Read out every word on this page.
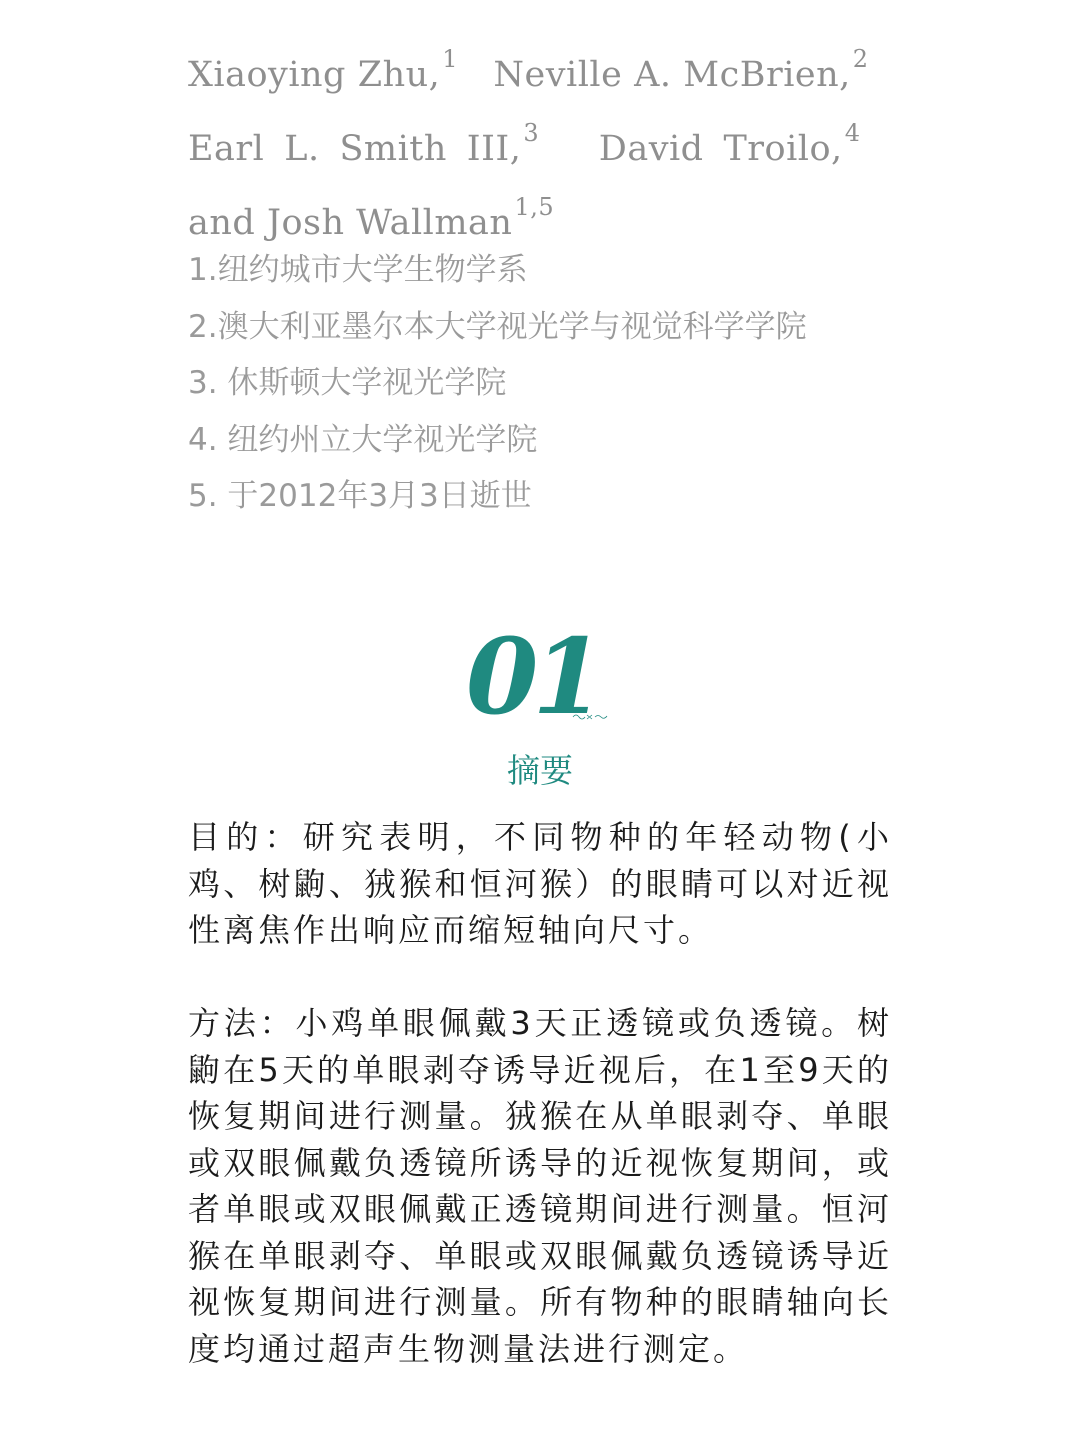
Xiaoying Zhu,$^1$ Neville A. McBrien,$^2$   Earl L. Smith III,$^3$ David Troilo,$^4$   and Josh Wallman$^{1,5}$
1.纽约城市大学生物学系
2.澳大利亚墨尔本大学视光学与视觉科学学院
3. 休斯顿大学视光学院
4. 纽约州立大学视光学院
5. 于2012年3月3日逝世
01
摘要
目的：研究表明，不同物种的年轻动物(小鸡、树鼩、狨猴和恒河猴）的眼睛可以对近视性离焦作出响应而缩短轴向尺寸。
方法：小鸡单眼佩戴3天正透镜或负透镜。树鼩在5天的单眼剥夺诱导近视后，在1至9天的恢复期间进行测量。狨猴在从单眼剥夺、单眼或双眼佩戴负透镜所诱导的近视恢复期间，或者单眼或双眼佩戴正透镜期间进行测量。恒河猴在单眼剥夺、单眼或双眼佩戴负透镜诱导近视恢复期间进行测量。所有物种的眼睛轴向长度均通过超声生物测量法进行测定。
